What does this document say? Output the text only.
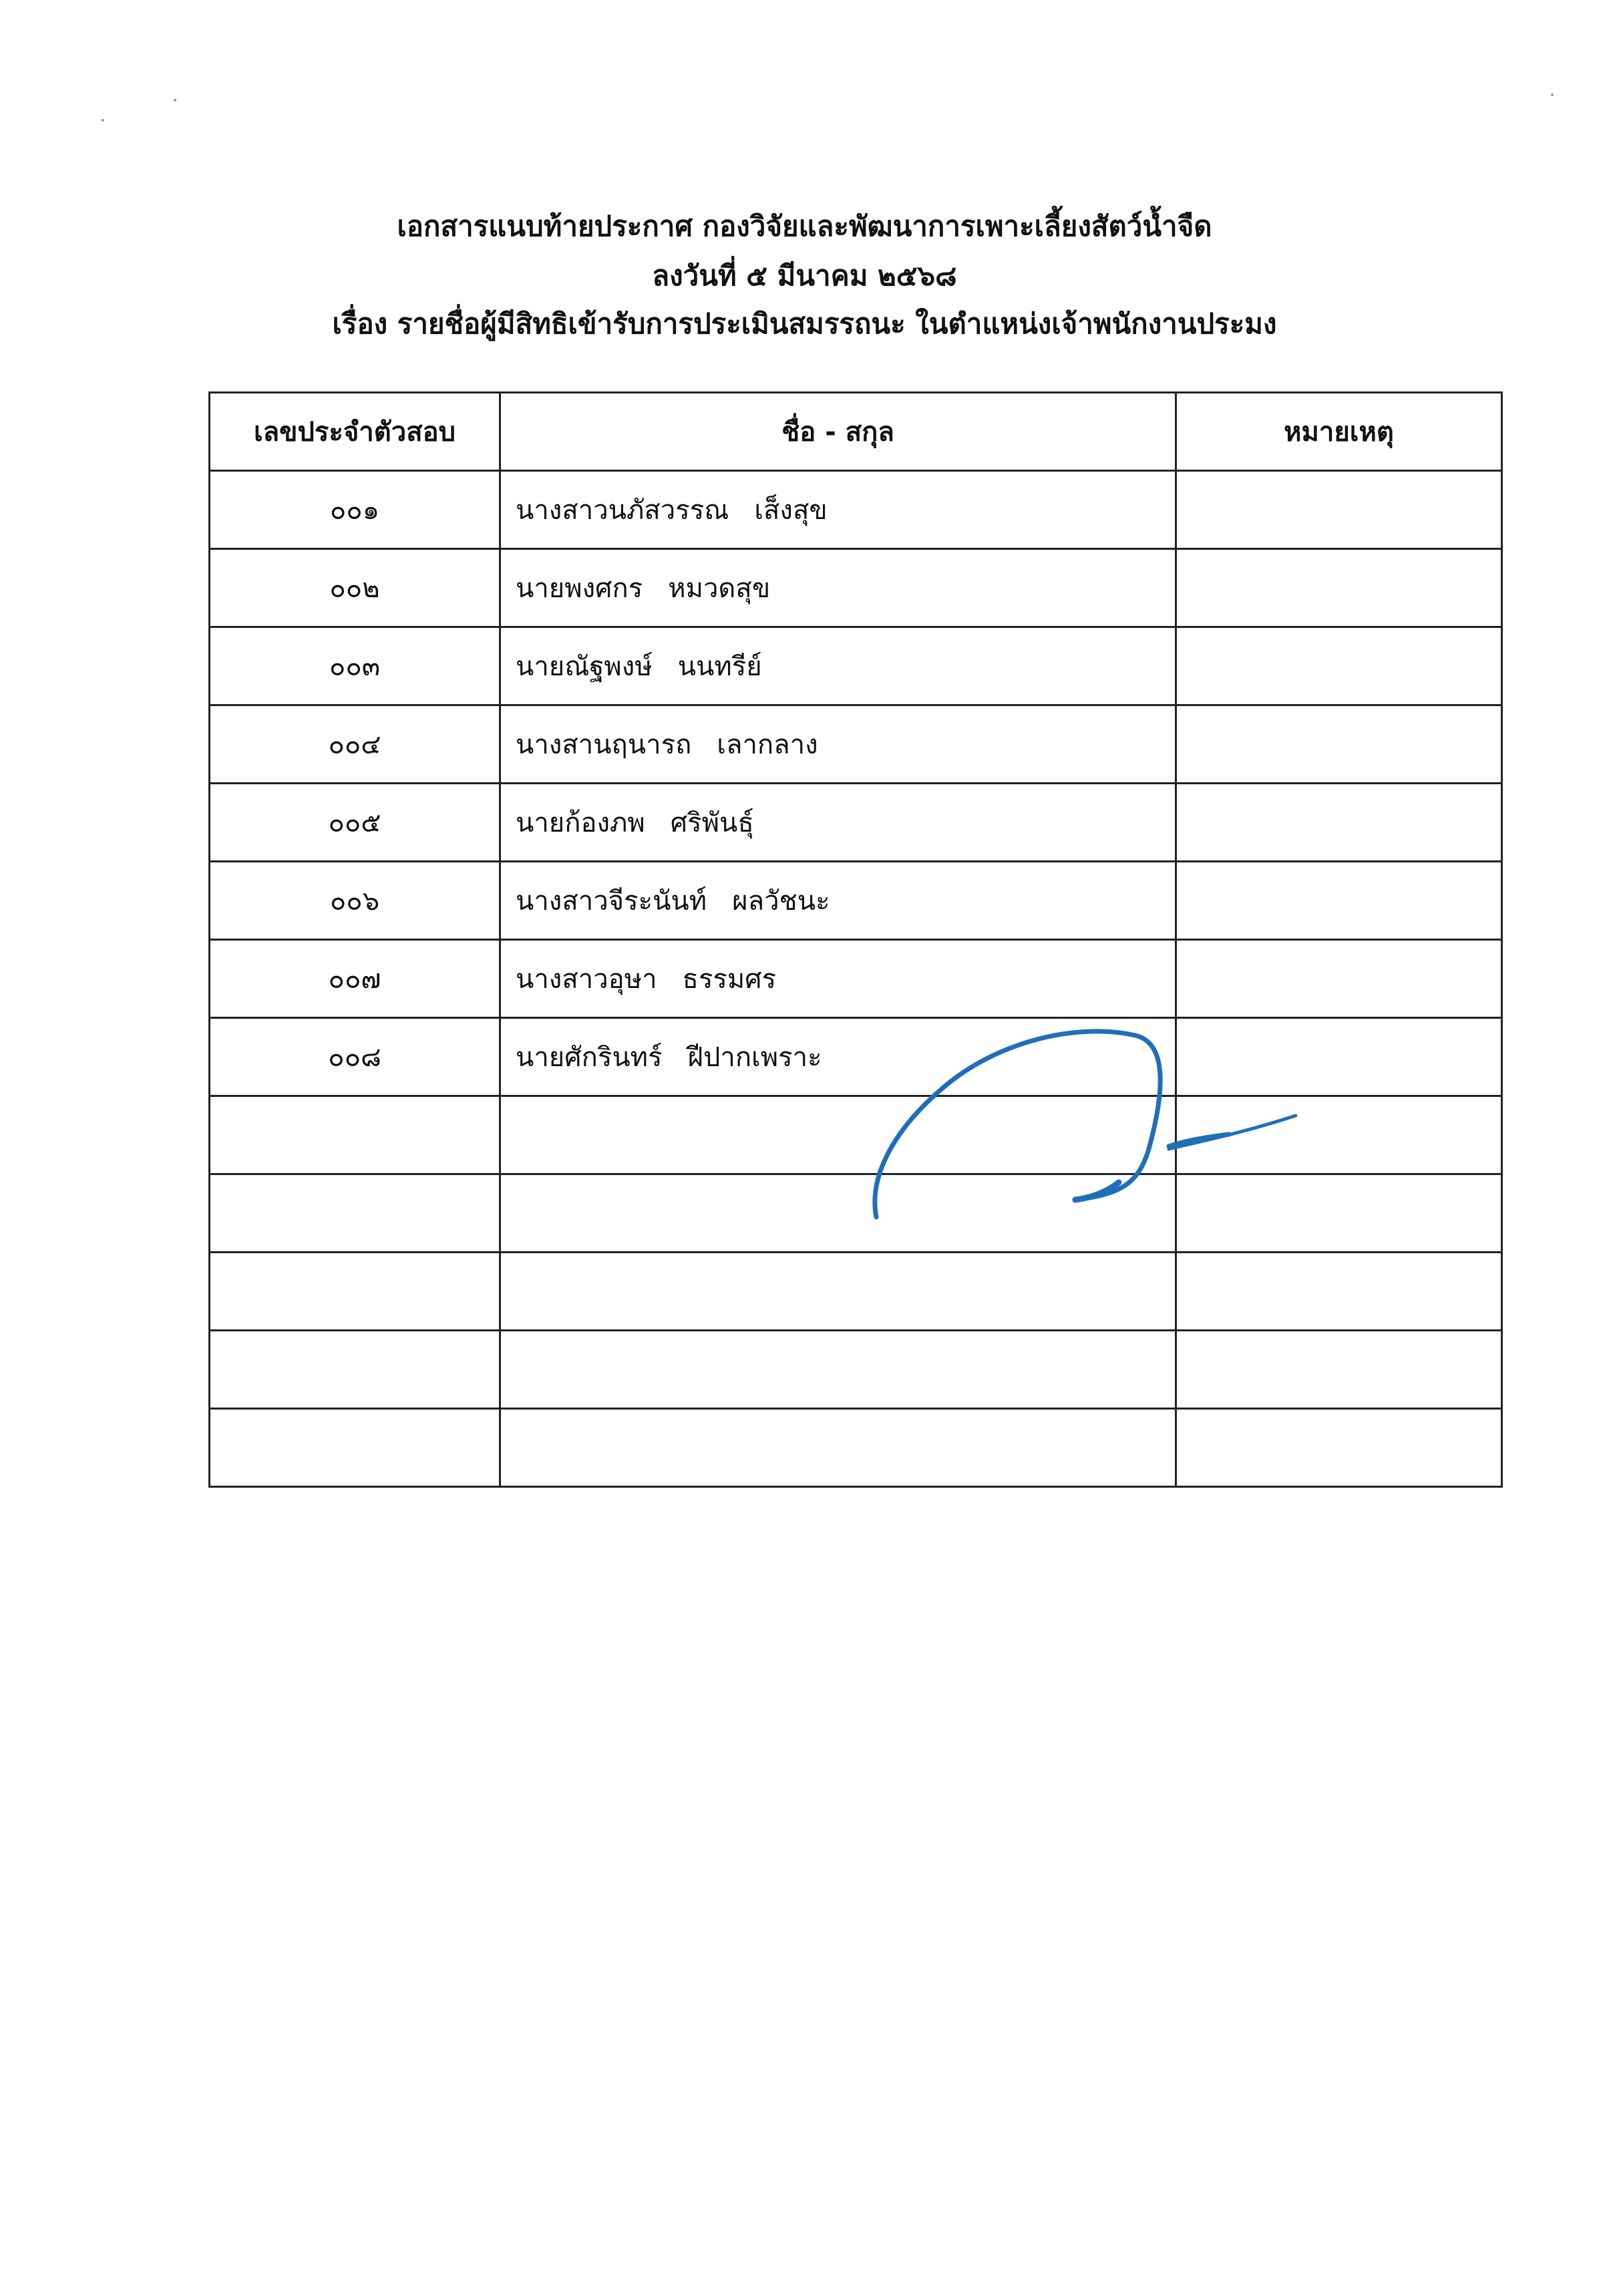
เอกสารแนบท้ายประกาศ กองวิจัยและพัฒนาการเพาะเลี้ยงสัตว์น้ำจืด
ลงวันที่ ๕ มีนาคม ๒๕๖๘
เรื่อง รายชื่อผู้มีสิทธิเข้ารับการประเมินสมรรถนะ ในตำแหน่งเจ้าพนักงานประมง
เลขประจำตัวสอบ	ชื่อ - สกุล	หมายเหตุ
๐๐๑	นางสาวนภัสวรรณ เส็งสุข	
๐๐๒	นายพงศกร หมวดสุข	
๐๐๓	นายณัฐพงษ์ นนทรีย์	
๐๐๔	นางสานฤนารถ เลากลาง	
๐๐๕	นายก้องภพ ศริพันธุ์	
๐๐๖	นางสาวจีระนันท์ ผลวัชนะ	
๐๐๗	นางสาวอุษา ธรรมศร	
๐๐๘	นายศักรินทร์ ฝีปากเพราะ	
